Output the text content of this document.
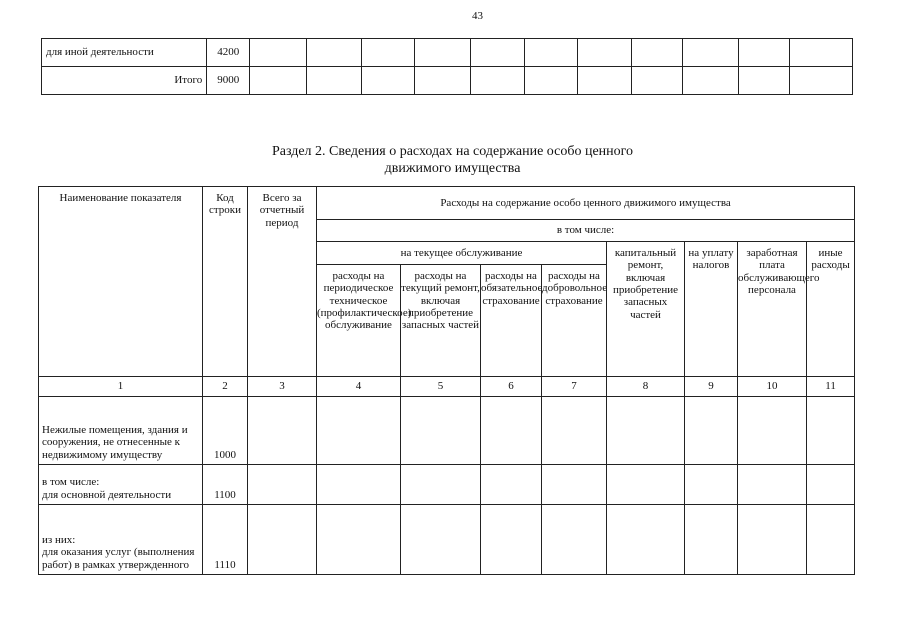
43
для иной деятельности	4200											
Итого	9000											
Раздел 2. Сведения о расходах на содержание особо ценного
движимого имущества
Наименование показателя	Код строки	Всего за отчетный период	Расходы на содержание особо ценного движимого имущества							
			в том числе:							
			на текущее обслуживание				капитальный ремонт, включая приобретение запасных частей	на уплату налогов	заработная плата обслуживающего персонала	иные расходы
			расходы на периодическое техническое (профилактическое) обслуживание	расходы на текущий ремонт, включая приобретение запасных частей	расходы на обязательное страхование	расходы на добровольное страхование				
1	2	3	4	5	6	7	8	9	10	11
Нежилые помещения, здания и сооружения, не отнесенные к недвижимому имуществу	1000									

в том числе:
для основной деятельности	1100									

из них:
для оказания услуг (выполнения работ) в рамках утвержденного	1110									
